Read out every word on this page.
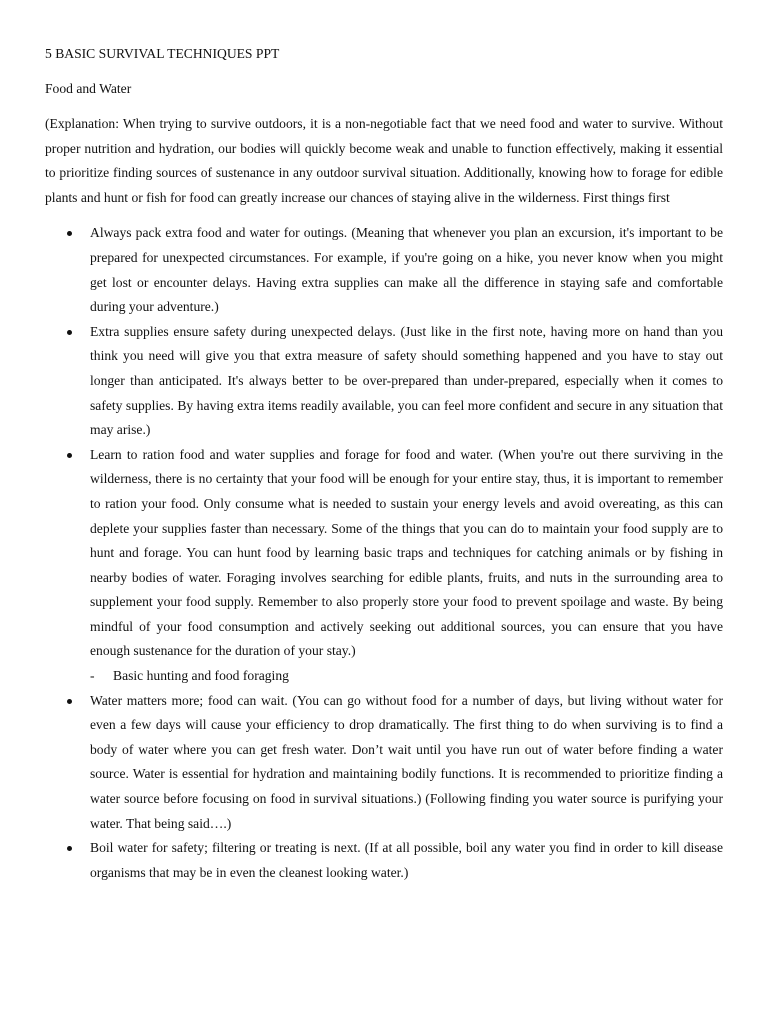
5 BASIC SURVIVAL TECHNIQUES PPT
Food and Water

(Explanation: When trying to survive outdoors, it is a non-negotiable fact that we need food and water to survive. Without proper nutrition and hydration, our bodies will quickly become weak and unable to function effectively, making it essential to prioritize finding sources of sustenance in any outdoor survival situation. Additionally, knowing how to forage for edible plants and hunt or fish for food can greatly increase our chances of staying alive in the wilderness. First things first

Always pack extra food and water for outings. (Meaning that whenever you plan an excursion, it's important to be prepared for unexpected circumstances. For example, if you're going on a hike, you never know when you might get lost or encounter delays. Having extra supplies can make all the difference in staying safe and comfortable during your adventure.)
Extra supplies ensure safety during unexpected delays. (Just like in the first note, having more on hand than you think you need will give you that extra measure of safety should something happened and you have to stay out longer than anticipated. It's always better to be over-prepared than under-prepared, especially when it comes to safety supplies. By having extra items readily available, you can feel more confident and secure in any situation that may arise.)
Learn to ration food and water supplies and forage for food and water. (When you're out there surviving in the wilderness, there is no certainty that your food will be enough for your entire stay, thus, it is important to remember to ration your food. Only consume what is needed to sustain your energy levels and avoid overeating, as this can deplete your supplies faster than necessary. Some of the things that you can do to maintain your food supply are to hunt and forage. You can hunt food by learning basic traps and techniques for catching animals or by fishing in nearby bodies of water. Foraging involves searching for edible plants, fruits, and nuts in the surrounding area to supplement your food supply. Remember to also properly store your food to prevent spoilage and waste. By being mindful of your food consumption and actively seeking out additional sources, you can ensure that you have enough sustenance for the duration of your stay.)
- Basic hunting and food foraging
Water matters more; food can wait. (You can go without food for a number of days, but living without water for even a few days will cause your efficiency to drop dramatically. The first thing to do when surviving is to find a body of water where you can get fresh water. Don’t wait until you have run out of water before finding a water source. Water is essential for hydration and maintaining bodily functions. It is recommended to prioritize finding a water source before focusing on food in survival situations.) (Following finding you water source is purifying your water. That being said….)
Boil water for safety; filtering or treating is next. (If at all possible, boil any water you find in order to kill disease organisms that may be in even the cleanest looking water.)
